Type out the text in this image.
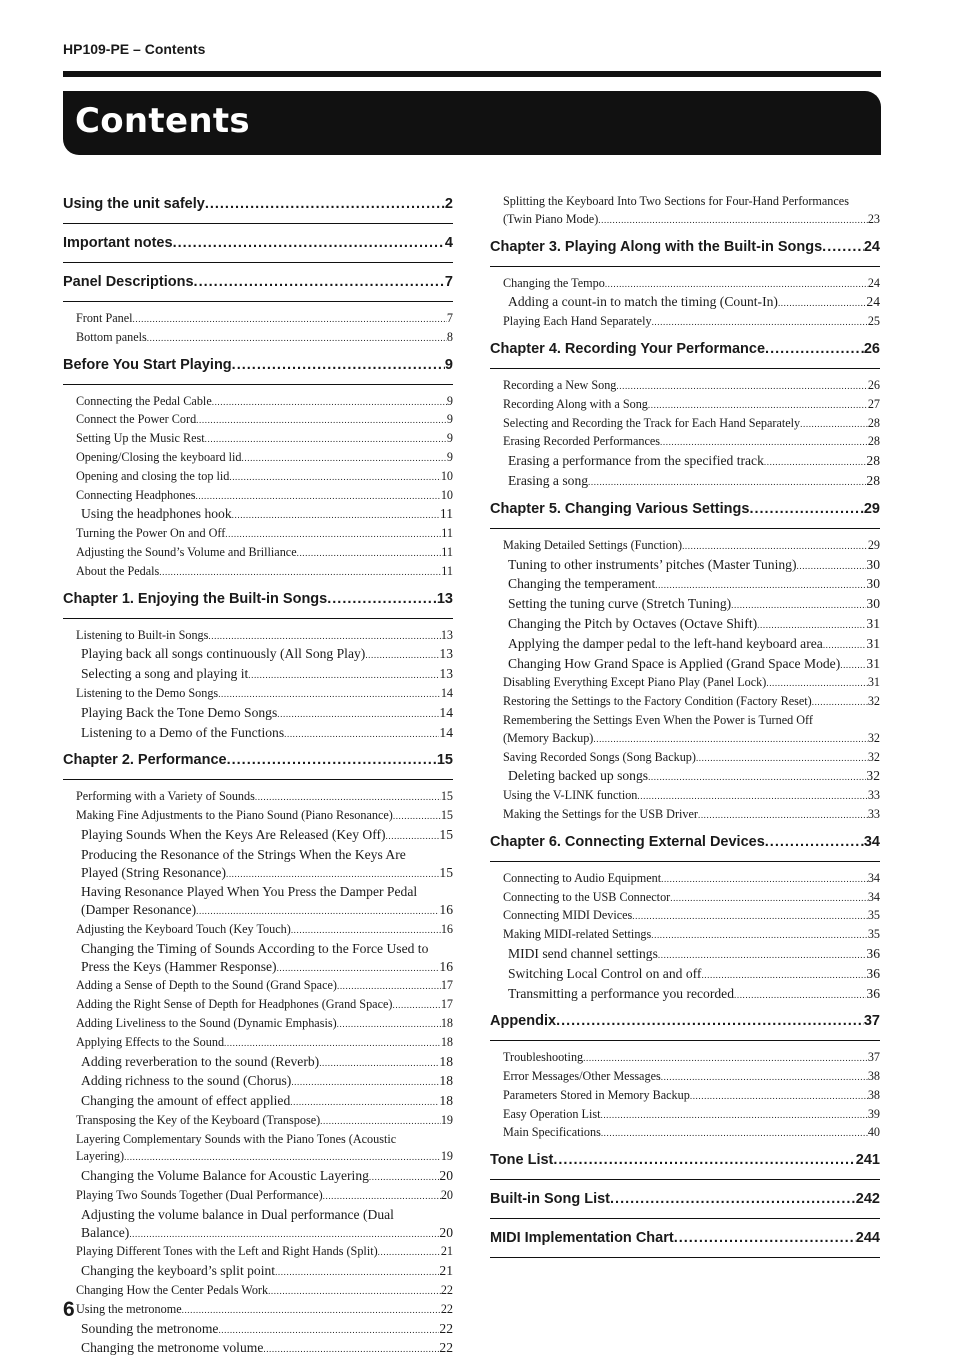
HP109-PE – Contents
Contents
Using the unit safely .....	2
Important notes .....	4
Panel Descriptions .....	7
Front Panel .....	7
Bottom panels .....	8
Before You Start Playing .....	9
Connecting the Pedal Cable .....	9
Connect the Power Cord .....	9
Setting Up the Music Rest .....	9
Opening/Closing the keyboard lid .....	9
Opening and closing the top lid .....	10
Connecting Headphones .....	10
Using the headphones hook .....	11
Turning the Power On and Off .....	11
Adjusting the Sound’s Volume and Brilliance .....	11
About the Pedals .....	11
Chapter 1. Enjoying the Built-in Songs .....	13
Listening to Built-in Songs .....	13
Playing back all songs continuously (All Song Play) .....	13
Selecting a song and playing it .....	13
Listening to the Demo Songs .....	14
Playing Back the Tone Demo Songs .....	14
Listening to a Demo of the Functions .....	14
Chapter 2. Performance .....	15
Performing with a Variety of Sounds .....	15
Making Fine Adjustments to the Piano Sound (Piano Resonance) .....	15
Playing Sounds When the Keys Are Released (Key Off) .....	15
Producing the Resonance of the Strings When the Keys Are
Played (String Resonance) .....	15
Having Resonance Played When You Press the Damper Pedal
(Damper Resonance) .....	16
Adjusting the Keyboard Touch (Key Touch) .....	16
Changing the Timing of Sounds According to the Force Used to
Press the Keys (Hammer Response) .....	16
Adding a Sense of Depth to the Sound (Grand Space) .....	17
Adding the Right Sense of Depth for Headphones (Grand Space) .....	17
Adding Liveliness to the Sound (Dynamic Emphasis) .....	18
Applying Effects to the Sound .....	18
Adding reverberation to the sound (Reverb) .....	18
Adding richness to the sound (Chorus) .....	18
Changing the amount of effect applied .....	18
Transposing the Key of the Keyboard (Transpose) .....	19
Layering Complementary Sounds with the Piano Tones (Acoustic
Layering) .....	19
Changing the Volume Balance for Acoustic Layering .....	20
Playing Two Sounds Together (Dual Performance) .....	20
Adjusting the volume balance in Dual performance (Dual
Balance) .....	20
Playing Different Tones with the Left and Right Hands (Split) .....	21
Changing the keyboard’s split point .....	21
Changing How the Center Pedals Work .....	22
Using the metronome .....	22
Sounding the metronome .....	22
Changing the metronome volume .....	22
Splitting the Keyboard Into Two Sections for Four-Hand Performances
(Twin Piano Mode) .....	23
Chapter 3. Playing Along with the Built-in Songs .....	24
Changing the Tempo .....	24
Adding a count-in to match the timing (Count-In) .....	24
Playing Each Hand Separately .....	25
Chapter 4. Recording Your Performance .....	26
Recording a New Song .....	26
Recording Along with a Song .....	27
Selecting and Recording the Track for Each Hand Separately .....	28
Erasing Recorded Performances .....	28
Erasing a performance from the specified track .....	28
Erasing a song .....	28
Chapter 5. Changing Various Settings .....	29
Making Detailed Settings (Function) .....	29
Tuning to other instruments’ pitches (Master Tuning) .....	30
Changing the temperament .....	30
Setting the tuning curve (Stretch Tuning) .....	30
Changing the Pitch by Octaves (Octave Shift) .....	31
Applying the damper pedal to the left-hand keyboard area .....	31
Changing How Grand Space is Applied (Grand Space Mode) ..... 31
Disabling Everything Except Piano Play (Panel Lock) .....	31
Restoring the Settings to the Factory Condition (Factory Reset) .....	32
Remembering the Settings Even When the Power is Turned Off
(Memory Backup) .....	32
Saving Recorded Songs (Song Backup) .....	32
Deleting backed up songs .....	32
Using the V-LINK function .....	33
Making the Settings for the USB Driver .....	33
Chapter 6. Connecting External Devices .....	34
Connecting to Audio Equipment .....	34
Connecting to the USB Connector .....	34
Connecting MIDI Devices .....	35
Making MIDI-related Settings .....	35
MIDI send channel settings .....	36
Switching Local Control on and off .....	36
Transmitting a performance you recorded .....	36
Appendix .....	37
Troubleshooting .....	37
Error Messages/Other Messages .....	38
Parameters Stored in Memory Backup .....	38
Easy Operation List .....	39
Main Specifications .....	40
Tone List .....	241
Built-in Song List .....	242
MIDI Implementation Chart .....	244
6
